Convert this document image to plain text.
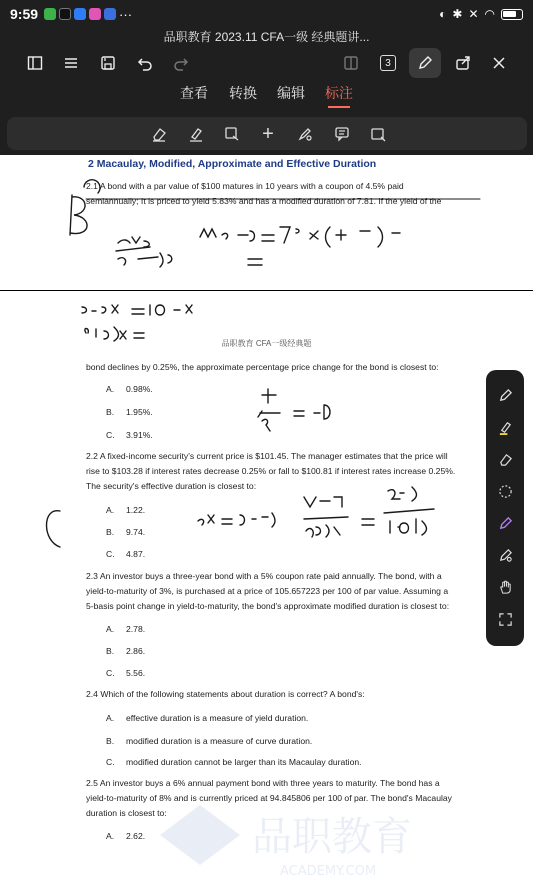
9:59	···	◐ ✱ ✕ ◠
品职教育 2023.11 CFA一级 经典题讲...
3
查看 转换 编辑 标注
+
2 Macaulay, Modified, Approximate and Effective Duration
2.1 A bond with a par value of $100 matures in 10 years with a coupon of 4.5% paid
semiannually; It is priced to yield 5.83% and has a modified duration of 7.81. If the yield of the
品职教育 CFA一级经典题
bond declines by 0.25%, the approximate percentage price change for the bond is closest to:
A. 0.98%.
B. 1.95%.
C. 3.91%.
2.2 A fixed-income security's current price is $101.45. The manager estimates that the price will
rise to $103.28 if interest rates decrease 0.25% or fall to $100.81 if interest rates increase 0.25%.
The security's effective duration is closest to:
A. 1.22.
B. 9.74.
C. 4.87.
2.3 An investor buys a three-year bond with a 5% coupon rate paid annually. The bond, with a
yield-to-maturity of 3%, is purchased at a price of 105.657223 per 100 of par value. Assuming a
5-basis point change in yield-to-maturity, the bond's approximate modified duration is closest to:
A. 2.78.
B. 2.86.
C. 5.56.
2.4 Which of the following statements about duration is correct? A bond's:
A. effective duration is a measure of yield duration.
B. modified duration is a measure of curve duration.
C. modified duration cannot be larger than its Macaulay duration.
2.5 An investor buys a 6% annual payment bond with three years to maturity. The bond has a
yield-to-maturity of 8% and is currently priced at 94.845806 per 100 of par. The bond's Macaulay
duration is closest to:
A. 2.62.	品职教育
ACADEMY.COM
